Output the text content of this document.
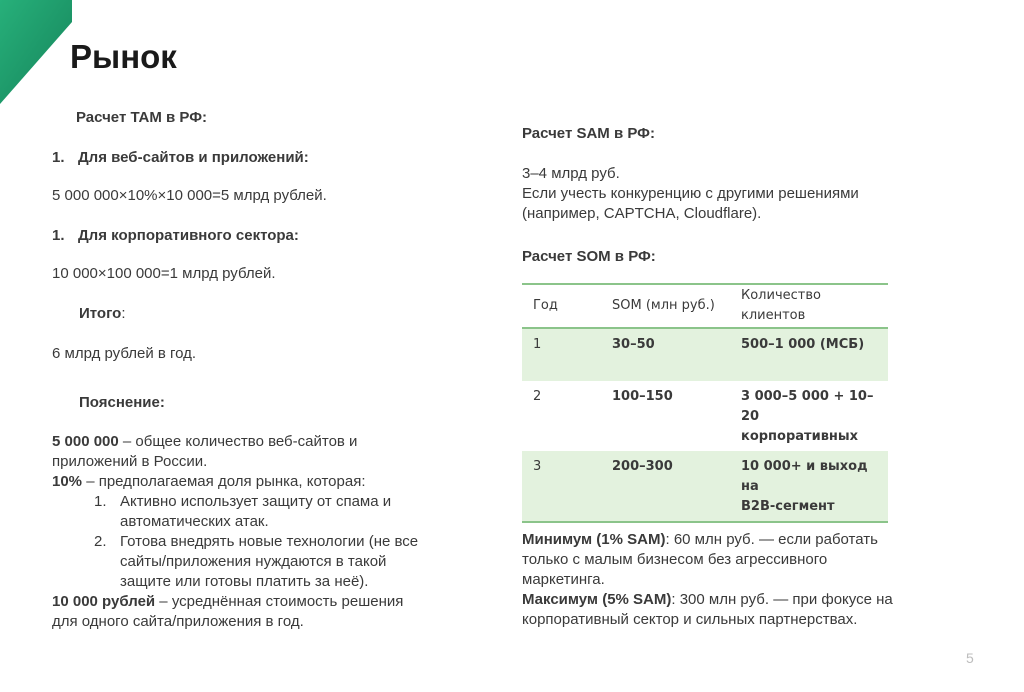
Рынок

Расчет TAM в РФ:

1. Для веб-сайтов и приложений:

5 000 000×10%×10 000=5 млрд рублей.

1. Для корпоративного сектора:

10 000×100 000=1 млрд рублей.

Итого:

6 млрд рублей в год.

Пояснение:

5 000 000 – общее количество веб-сайтов и
приложений в России.
10% – предполагаемая доля рынка, которая:
1. Активно использует защиту от спама и
автоматических атак.
2. Готова внедрять новые технологии (не все
сайты/приложения нуждаются в такой
защите или готовы платить за неё).
10 000 рублей – усреднённая стоимость решения
для одного сайта/приложения в год.

Расчет SAM в РФ:

3–4 млрд руб.
Если учесть конкуренцию с другими решениями
(например, CAPTCHA, Cloudflare).

Расчет SOM в РФ:

Год	SOM (млн руб.)	Количество клиентов
1	30–50	500–1 000 (МСБ)

2	100–150	3 000–5 000 + 10–20
корпоративных

3	200–300	10 000+ и выход на
B2B-сегмент
Минимум (1% SAM): 60 млн руб. — если работать
только с малым бизнесом без агрессивного
маркетинга.
Максимум (5% SAM): 300 млн руб. — при фокусе на
корпоративный сектор и сильных партнерствах.
5
